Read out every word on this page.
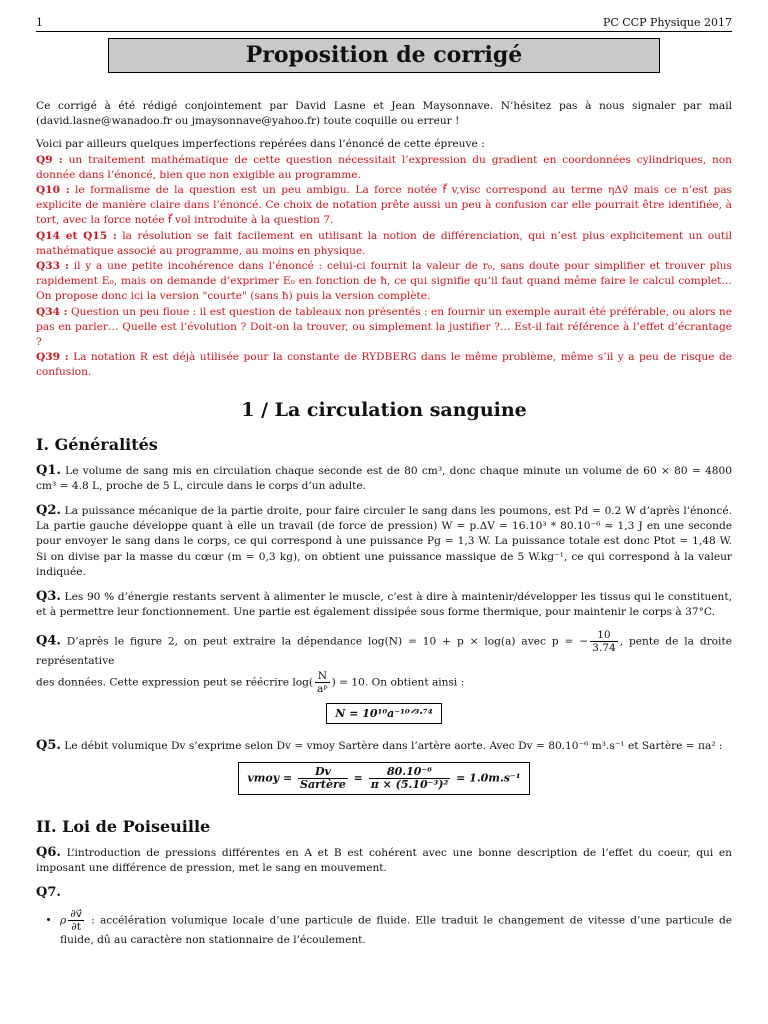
1	PC CCP Physique 2017
Proposition de corrigé

Ce corrigé à été rédigé conjointement par David Lasne et Jean Maysonnave. N’hésitez pas à nous signaler par mail (david.lasne@wanadoo.fr ou jmaysonnave@yahoo.fr) toute coquille ou erreur !

Voici par ailleurs quelques imperfections repérées dans l’énoncé de cette épreuve :

Q9 : un traitement mathématique de cette question nécessitait l’expression du gradient en coordonnées cylindriques, non donnée dans l’énoncé, bien que non exigible au programme.

Q10 : le formalisme de la question est un peu ambigu. La force notée f⃗ v,visc correspond au terme ηΔv⃗ mais ce n’est pas explicite de manière claire dans l’énoncé. Ce choix de notation prête aussi un peu à confusion car elle pourrait être identifiée, à tort, avec la force notée f⃗ vol introduite à la question 7.

Q14 et Q15 : la résolution se fait facilement en utilisant la notion de différenciation, qui n’est plus explicitement un outil mathématique associé au programme, au moins en physique.

Q33 : il y a une petite incohérence dans l’énoncé : celui-ci fournit la valeur de r₀, sans doute pour simplifier et trouver plus rapidement E₀, mais on demande d’exprimer E₀ en fonction de ħ, ce qui signifie qu’il faut quand même faire le calcul complet… On propose donc ici la version "courte" (sans ħ) puis la version complète.

Q34 : Question un peu floue : il est question de tableaux non présentés : en fournir un exemple aurait été préférable, ou alors ne pas en parler… Quelle est l’évolution ? Doit-on la trouver, ou simplement la justifier ?… Est-il fait référence à l’effet d’écrantage ?

Q39 : La notation R est déjà utilisée pour la constante de RYDBERG dans le même problème, même s’il y a peu de risque de confusion.

1 / La circulation sanguine
I. Généralités

Q1. Le volume de sang mis en circulation chaque seconde est de 80 cm³, donc chaque minute un volume de 60 × 80 = 4800 cm³ = 4.8 L, proche de 5 L, circule dans le corps d’un adulte.

Q2. La puissance mécanique de la partie droite, pour faire circuler le sang dans les poumons, est Pd = 0.2 W d’après l’énoncé. La partie gauche développe quant à elle un travail (de force de pression) W = p.ΔV = 16.10³ * 80.10⁻⁶ ≈ 1,3 J en une seconde pour envoyer le sang dans le corps, ce qui correspond à une puissance Pg = 1,3 W. La puissance totale est donc Ptot = 1,48 W. Si on divise par la masse du cœur (m = 0,3 kg), on obtient une puissance massique de 5 W.kg⁻¹, ce qui correspond à la valeur indiquée.

Q3. Les 90 % d’énergie restants servent à alimenter le muscle, c’est à dire à maintenir/développer les tissus qui le constituent, et à permettre leur fonctionnement. Une partie est également dissipée sous forme thermique, pour maintenir le corps à 37°C.

Q4. D’après le figure 2, on peut extraire la dépendance log(N) = 10 + p × log(a) avec p = − $\frac{10}{3.74}$ , pente de la droite représentative
des données. Cette expression peut se réécrire $\log( \frac{N}{\text{aᵖ}}$ ) = 10. On obtient ainsi :

N = 10¹⁰a⁻¹⁰ᐟ³·⁷⁴

Q5. Le débit volumique Dv s’exprime selon Dv = vmoy Sartère dans l’artère aorte. Avec Dv = 80.10⁻⁶ m³.s⁻¹ et Sartère = πa² :

vmoy = $\frac{Dv}{\text{Sartère}} = \frac{\text{80.10⁻⁶}}{\text{π × (5.10⁻³)²}} = 1.0m.s^{-1}$
II. Loi de Poiseuille

Q6. L’introduction de pressions différentes en A et B est cohérent avec une bonne description de l’effet du coeur, qui en imposant une différence de pression, met le sang en mouvement.

Q7.

• ρ $\frac{\partial v⃗}{\partial t}$ : accélération volumique locale d’une particule de fluide. Elle traduit le changement de vitesse d’une particule de fluide, dû au caractère non stationnaire de l’écoulement.
